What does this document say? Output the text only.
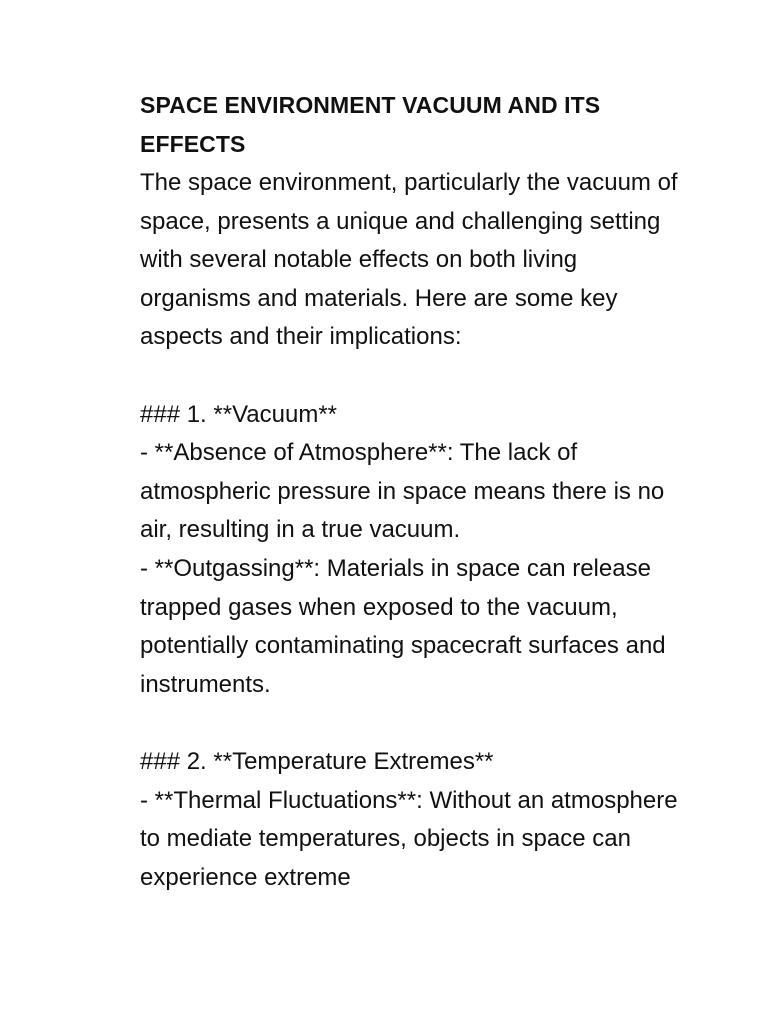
SPACE ENVIRONMENT VACUUM AND ITS EFFECTS

The space environment, particularly the vacuum of space, presents a unique and challenging setting with several notable effects on both living organisms and materials. Here are some key aspects and their implications:

### 1. **Vacuum**

- **Absence of Atmosphere**: The lack of atmospheric pressure in space means there is no air, resulting in a true vacuum.

- **Outgassing**: Materials in space can release trapped gases when exposed to the vacuum, potentially contaminating spacecraft surfaces and instruments.

### 2. **Temperature Extremes**

- **Thermal Fluctuations**: Without an atmosphere to mediate temperatures, objects in space can experience extreme
